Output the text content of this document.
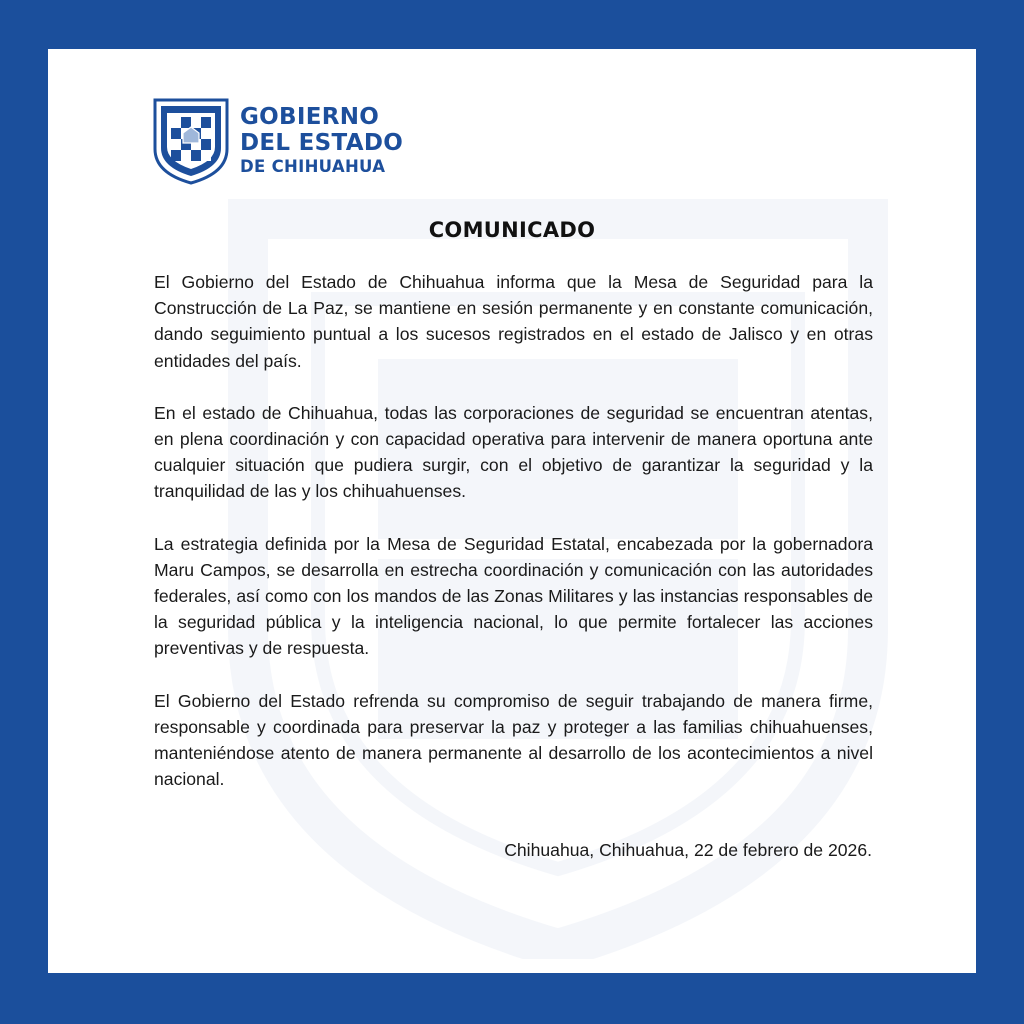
GOBIERNO
DEL ESTADO
DE CHIHUAHUA
COMUNICADO

El Gobierno del Estado de Chihuahua informa que la Mesa de Seguridad para la Construcción de La Paz, se mantiene en sesión permanente y en constante comunicación, dando seguimiento puntual a los sucesos registrados en el estado de Jalisco y en otras entidades del país.

En el estado de Chihuahua, todas las corporaciones de seguridad se encuentran atentas, en plena coordinación y con capacidad operativa para intervenir de manera oportuna ante cualquier situación que pudiera surgir, con el objetivo de garantizar la seguridad y la tranquilidad de las y los chihuahuenses.

La estrategia definida por la Mesa de Seguridad Estatal, encabezada por la gobernadora Maru Campos, se desarrolla en estrecha coordinación y comunicación con las autoridades federales, así como con los mandos de las Zonas Militares y las instancias responsables de la seguridad pública y la inteligencia nacional, lo que permite fortalecer las acciones preventivas y de respuesta.

El Gobierno del Estado refrenda su compromiso de seguir trabajando de manera firme, responsable y coordinada para preservar la paz y proteger a las familias chihuahuenses, manteniéndose atento de manera permanente al desarrollo de los acontecimientos a nivel nacional.

Chihuahua, Chihuahua, 22 de febrero de 2026.
